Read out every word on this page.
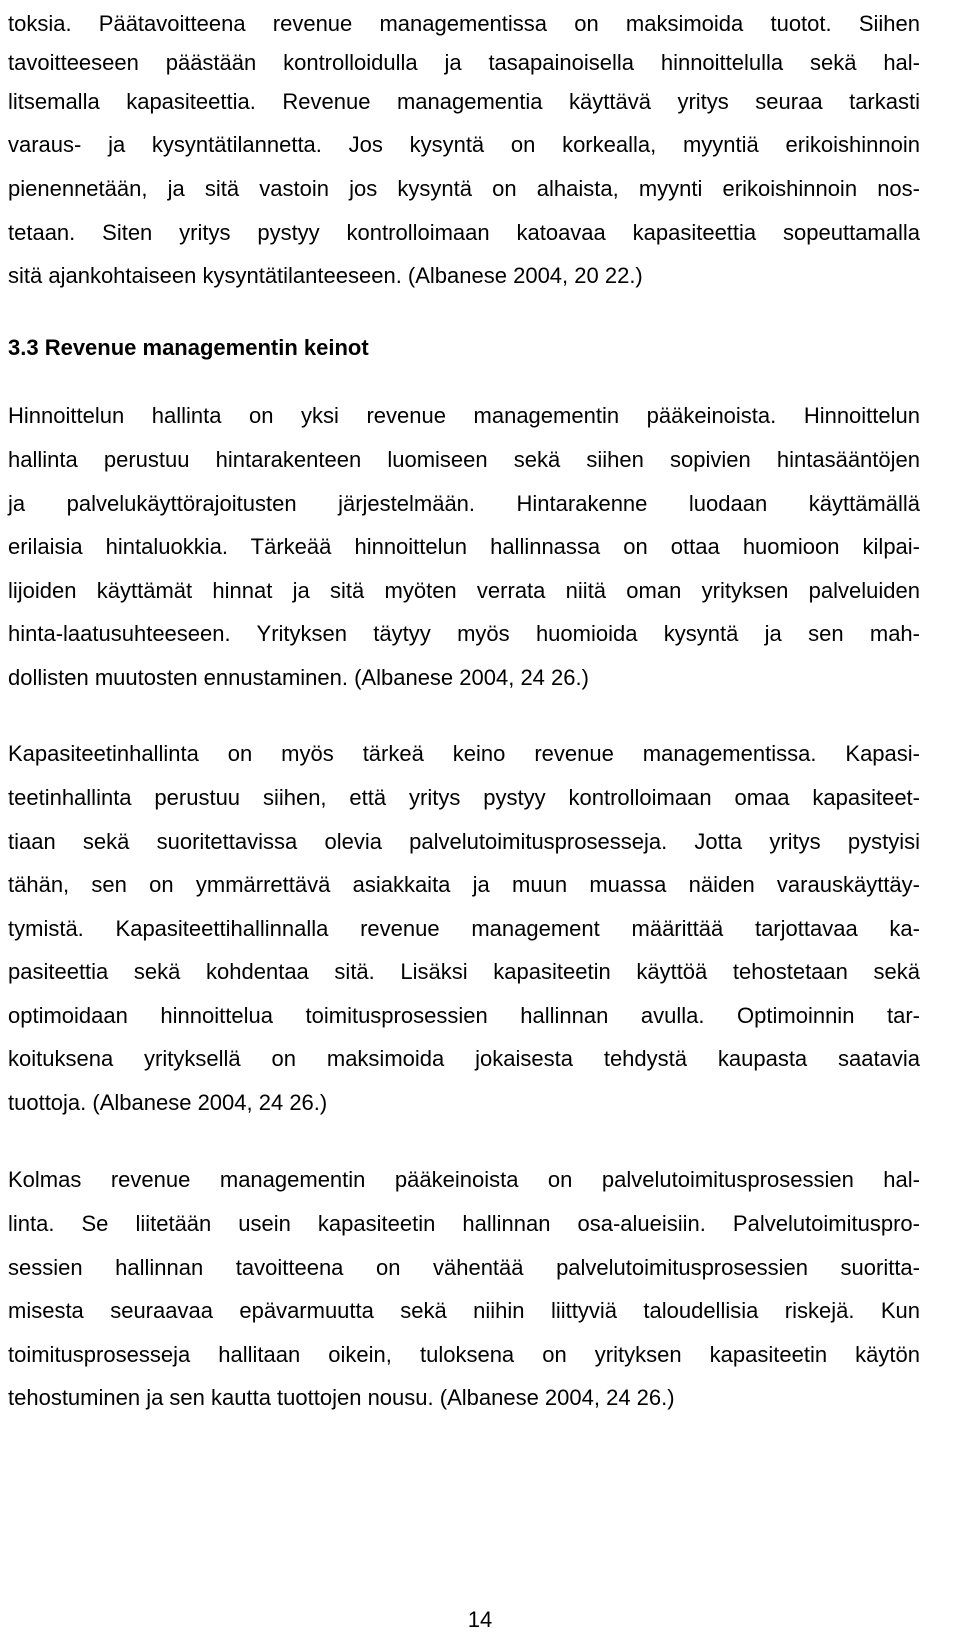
toksia. Päätavoitteena revenue managementissa on maksimoida tuotot. Siihen
tavoitteeseen päästään kontrolloidulla ja tasapainoisella hinnoittelulla sekä hal-
litsemalla kapasiteettia. Revenue managementia käyttävä yritys seuraa tarkasti
varaus- ja kysyntätilannetta. Jos kysyntä on korkealla, myyntiä erikoishinnoin
pienennetään, ja sitä vastoin jos kysyntä on alhaista, myynti erikoishinnoin nos-
tetaan. Siten yritys pystyy kontrolloimaan katoavaa kapasiteettia sopeuttamalla
sitä ajankohtaiseen kysyntätilanteeseen. (Albanese 2004, 20 22.)
3.3 Revenue managementin keinot
Hinnoittelun hallinta on yksi revenue managementin pääkeinoista. Hinnoittelun
hallinta perustuu hintarakenteen luomiseen sekä siihen sopivien hintasääntöjen
ja palvelukäyttörajoitusten järjestelmään. Hintarakenne luodaan käyttämällä
erilaisia hintaluokkia. Tärkeää hinnoittelun hallinnassa on ottaa huomioon kilpai-
lijoiden käyttämät hinnat ja sitä myöten verrata niitä oman yrityksen palveluiden
hinta-laatusuhteeseen. Yrityksen täytyy myös huomioida kysyntä ja sen mah-
dollisten muutosten ennustaminen. (Albanese 2004, 24 26.)
Kapasiteetinhallinta on myös tärkeä keino revenue managementissa. Kapasi-
teetinhallinta perustuu siihen, että yritys pystyy kontrolloimaan omaa kapasiteet-
tiaan sekä suoritettavissa olevia palvelutoimitusprosesseja. Jotta yritys pystyisi
tähän, sen on ymmärrettävä asiakkaita ja muun muassa näiden varauskäyttäy-
tymistä. Kapasiteettihallinnalla revenue management määrittää tarjottavaa ka-
pasiteettia sekä kohdentaa sitä. Lisäksi kapasiteetin käyttöä tehostetaan sekä
optimoidaan hinnoittelua toimitusprosessien hallinnan avulla. Optimoinnin tar-
koituksena yrityksellä on maksimoida jokaisesta tehdystä kaupasta saatavia
tuottoja. (Albanese 2004, 24 26.)
Kolmas revenue managementin pääkeinoista on palvelutoimitusprosessien hal-
linta. Se liitetään usein kapasiteetin hallinnan osa-alueisiin. Palvelutoimituspro-
sessien hallinnan tavoitteena on vähentää palvelutoimitusprosessien suoritta-
misesta seuraavaa epävarmuutta sekä niihin liittyviä taloudellisia riskejä. Kun
toimitusprosesseja hallitaan oikein, tuloksena on yrityksen kapasiteetin käytön
tehostuminen ja sen kautta tuottojen nousu. (Albanese 2004, 24 26.)
14
